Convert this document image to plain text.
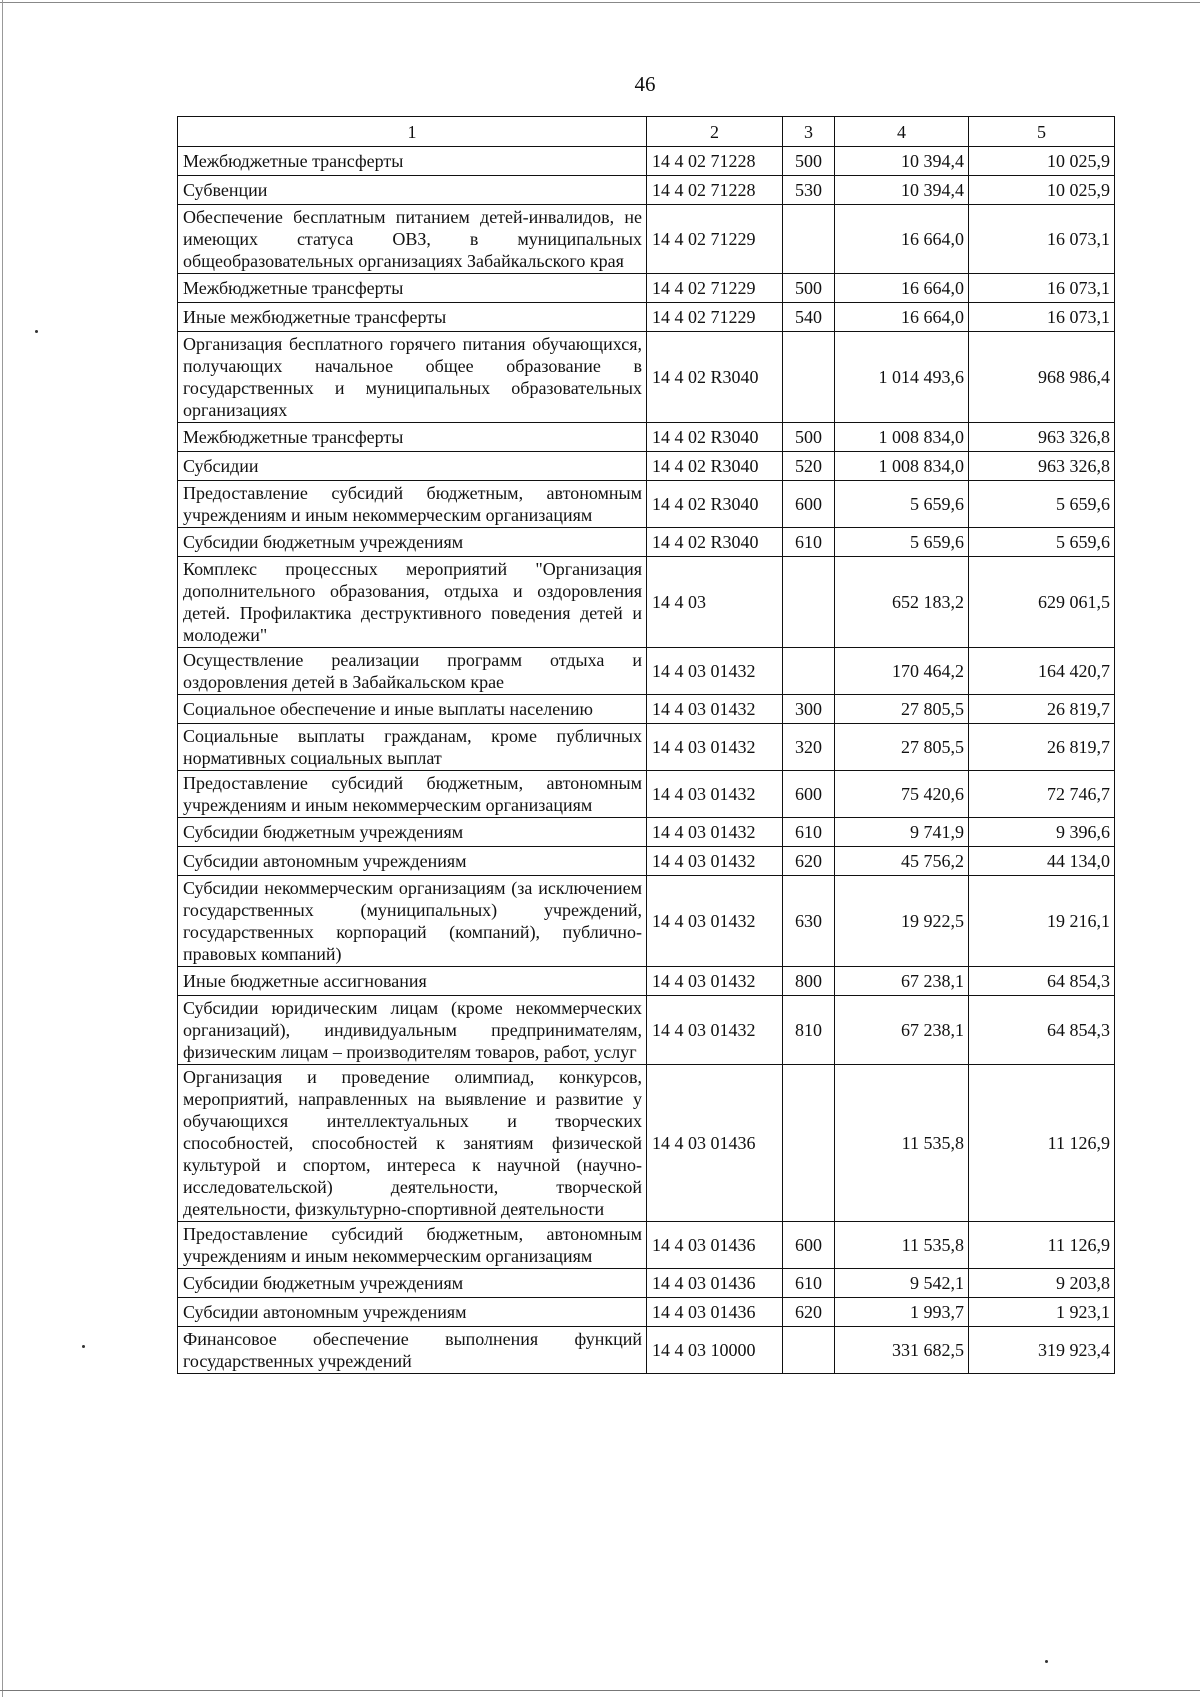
46
1	2	3	4	5
Межбюджетные трансферты	14 4 02 71228	500	10 394,4	10 025,9
Субвенции	14 4 02 71228	530	10 394,4	10 025,9
Обеспечение бесплатным питанием детей-инвалидов, не имеющих статуса ОВЗ, в муниципальных общеобразовательных организациях Забайкальского края	14 4 02 71229		16 664,0	16 073,1
Межбюджетные трансферты	14 4 02 71229	500	16 664,0	16 073,1
Иные межбюджетные трансферты	14 4 02 71229	540	16 664,0	16 073,1
Организация бесплатного горячего питания обучающихся, получающих начальное общее образование в государственных и муниципальных образовательных организациях	14 4 02 R3040		1 014 493,6	968 986,4
Межбюджетные трансферты	14 4 02 R3040	500	1 008 834,0	963 326,8
Субсидии	14 4 02 R3040	520	1 008 834,0	963 326,8
Предоставление субсидий бюджетным, автономным учреждениям и иным некоммерческим организациям	14 4 02 R3040	600	5 659,6	5 659,6
Субсидии бюджетным учреждениям	14 4 02 R3040	610	5 659,6	5 659,6
Комплекс процессных мероприятий "Организация дополнительного образования, отдыха и оздоровления детей. Профилактика деструктивного поведения детей и молодежи"	14 4 03		652 183,2	629 061,5
Осуществление реализации программ отдыха и оздоровления детей в Забайкальском крае	14 4 03 01432		170 464,2	164 420,7
Социальное обеспечение и иные выплаты населению	14 4 03 01432	300	27 805,5	26 819,7
Социальные выплаты гражданам, кроме публичных нормативных социальных выплат	14 4 03 01432	320	27 805,5	26 819,7
Предоставление субсидий бюджетным, автономным учреждениям и иным некоммерческим организациям	14 4 03 01432	600	75 420,6	72 746,7
Субсидии бюджетным учреждениям	14 4 03 01432	610	9 741,9	9 396,6
Субсидии автономным учреждениям	14 4 03 01432	620	45 756,2	44 134,0
Субсидии некоммерческим организациям (за исключением государственных (муниципальных) учреждений, государственных корпораций (компаний), публично-правовых компаний)	14 4 03 01432	630	19 922,5	19 216,1
Иные бюджетные ассигнования	14 4 03 01432	800	67 238,1	64 854,3
Субсидии юридическим лицам (кроме некоммерческих организаций), индивидуальным предпринимателям, физическим лицам – производителям товаров, работ, услуг	14 4 03 01432	810	67 238,1	64 854,3
Организация и проведение олимпиад, конкурсов, мероприятий, направленных на выявление и развитие у обучающихся интеллектуальных и творческих способностей, способностей к занятиям физической культурой и спортом, интереса к научной (научно-исследовательской) деятельности, творческой деятельности, физкультурно-спортивной деятельности	14 4 03 01436		11 535,8	11 126,9
Предоставление субсидий бюджетным, автономным учреждениям и иным некоммерческим организациям	14 4 03 01436	600	11 535,8	11 126,9
Субсидии бюджетным учреждениям	14 4 03 01436	610	9 542,1	9 203,8
Субсидии автономным учреждениям	14 4 03 01436	620	1 993,7	1 923,1
Финансовое обеспечение выполнения функций государственных учреждений	14 4 03 10000		331 682,5	319 923,4
